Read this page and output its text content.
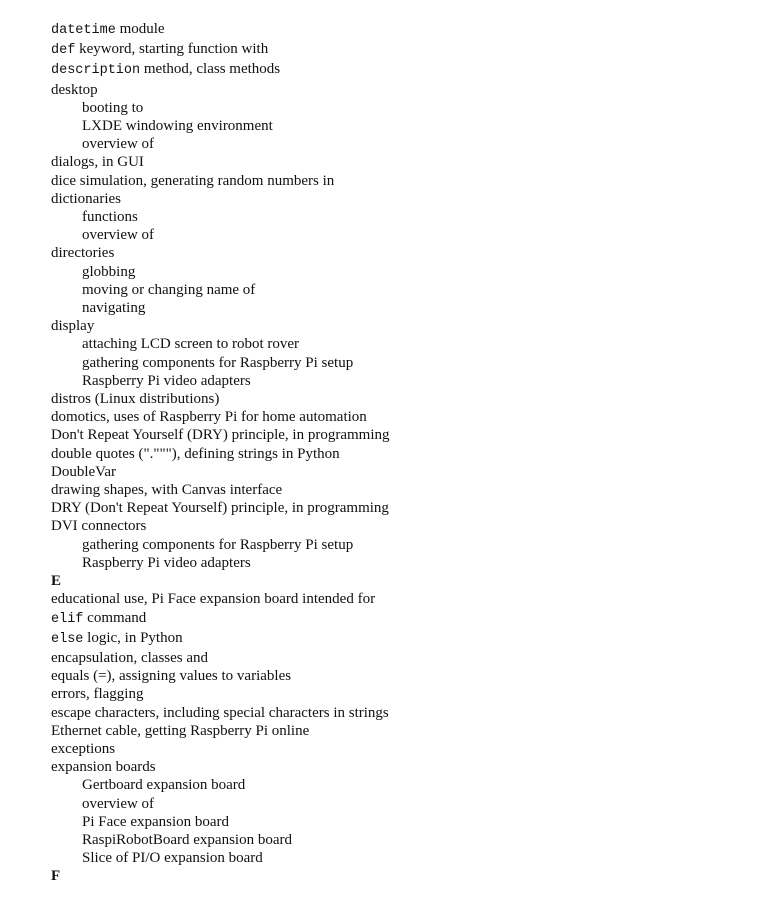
datetime module
def keyword, starting function with
description method, class methods
desktop
booting to
LXDE windowing environment
overview of
dialogs, in GUI
dice simulation, generating random numbers in
dictionaries
functions
overview of
directories
globbing
moving or changing name of
navigating
display
attaching LCD screen to robot rover
gathering components for Raspberry Pi setup
Raspberry Pi video adapters
distros (Linux distributions)
domotics, uses of Raspberry Pi for home automation
Don't Repeat Yourself (DRY) principle, in programming
double quotes ("."""), defining strings in Python
DoubleVar
drawing shapes, with Canvas interface
DRY (Don't Repeat Yourself) principle, in programming
DVI connectors
gathering components for Raspberry Pi setup
Raspberry Pi video adapters
E
educational use, Pi Face expansion board intended for
elif command
else logic, in Python
encapsulation, classes and
equals (=), assigning values to variables
errors, flagging
escape characters, including special characters in strings
Ethernet cable, getting Raspberry Pi online
exceptions
expansion boards
Gertboard expansion board
overview of
Pi Face expansion board
RaspiRobotBoard expansion board
Slice of PI/O expansion board
F
